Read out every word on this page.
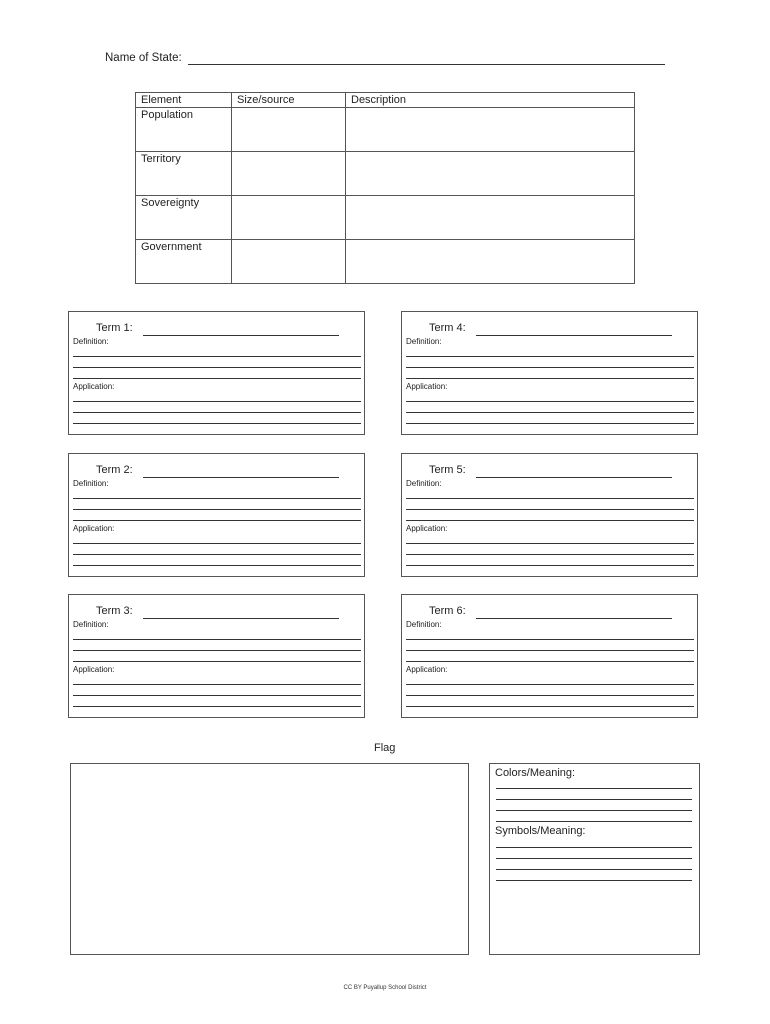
Name of State:
Element	Size/source	Description
Population		
Territory		
Sovereignty		
Government		
Term 1:
Definition:
Application:
Term 2:
Definition:
Application:
Term 3:
Definition:
Application:
Term 4:
Definition:
Application:
Term 5:
Definition:
Application:
Term 6:
Definition:
Application:
Flag
Colors/Meaning:
Symbols/Meaning:
CC BY Puyallup School District
